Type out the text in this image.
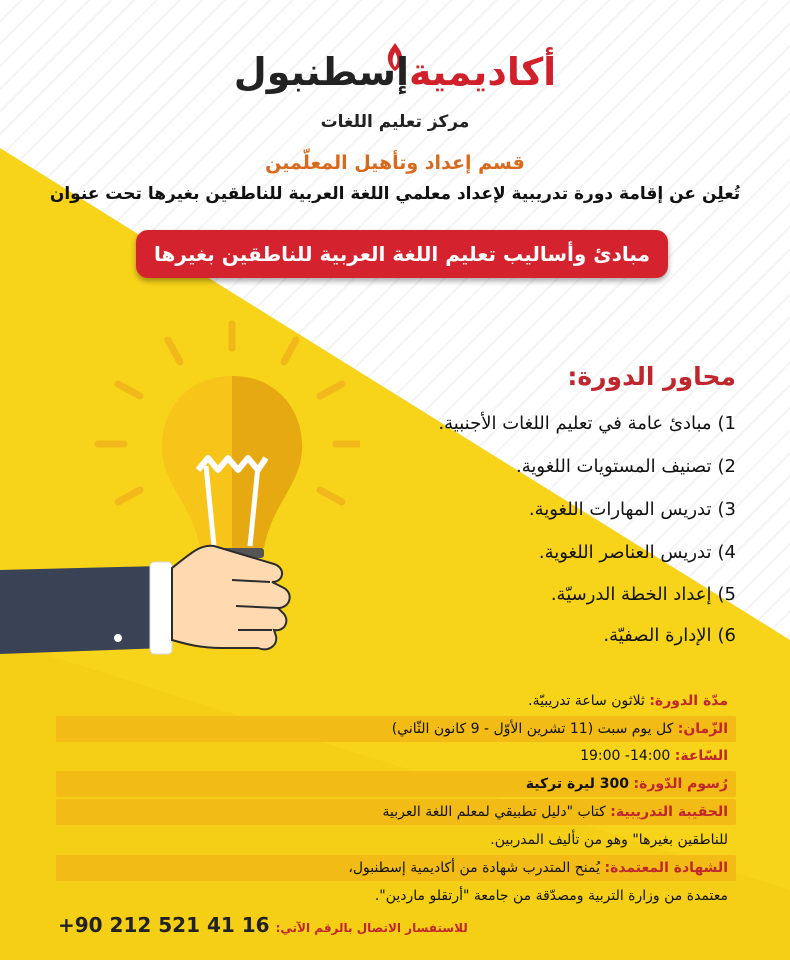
أكاديميةإسطنبول
مركز تعليم اللغات
قسم إعداد وتأهيل المعلّمين
تُعلِن عن إقامة دورة تدريبية لإعداد معلمي اللغة العربية للناطقين بغيرها تحت عنوان
مبادئ وأساليب تعليم اللغة العربية للناطقين بغيرها
محاور الدورة:
1)مبادئ عامة في تعليم اللغات الأجنبية.
2)تصنيف المستويات اللغوية.
3)تدريس المهارات اللغوية.
4)تدريس العناصر اللغوية.
5)إعداد الخطة الدرسيّة.
6)الإدارة الصفيّة.
مدّة الدورة: ثلاثون ساعة تدريبيّة.
الزّمان: كل يوم سبت (11 تشرين الأوّل - 9 كانون الثّاني)
السّاعة: 14:00- 19:00
رُسوم الدّورة: 300 ليرة تركية
الحقيبة التدريبية: كتاب "دليل تطبيقي لمعلم اللغة العربية
للناطقين بغيرها" وهو من تأليف المدربين.
الشهادة المعتمدة: يُمنح المتدرب شهادة من أكاديمية إسطنبول،
معتمدة من وزارة التربية ومصدّقة من جامعة "أرتقلو ماردين".
للاستفسار الاتصال بالرقم الآتي:+90 212 521 41 16
